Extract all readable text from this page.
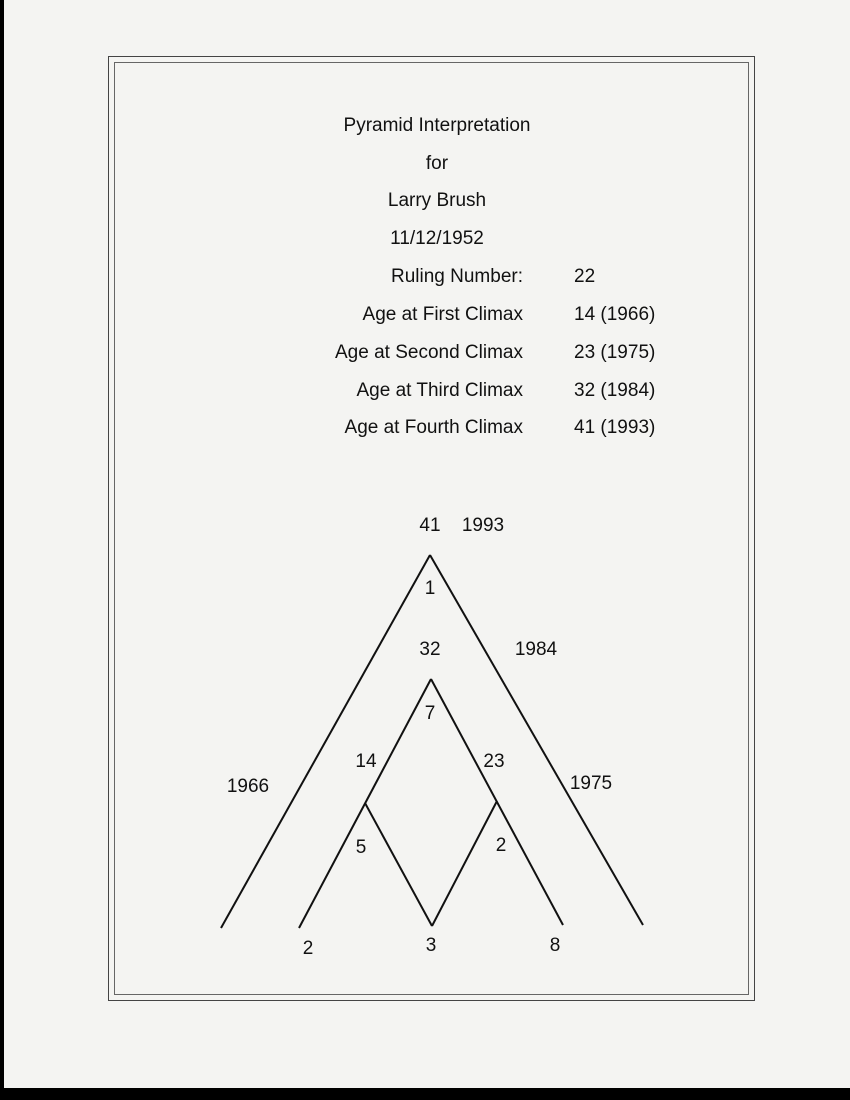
Pyramid Interpretation
for
Larry Brush
11/12/1952
Ruling Number:	22
Age at First Climax	14 (1966)
Age at Second Climax	23 (1975)
Age at Third Climax	32 (1984)
Age at Fourth Climax	41 (1993)
41 1993
1
32	1984
7
14	23
1966	1975
5	2
2	3	8
